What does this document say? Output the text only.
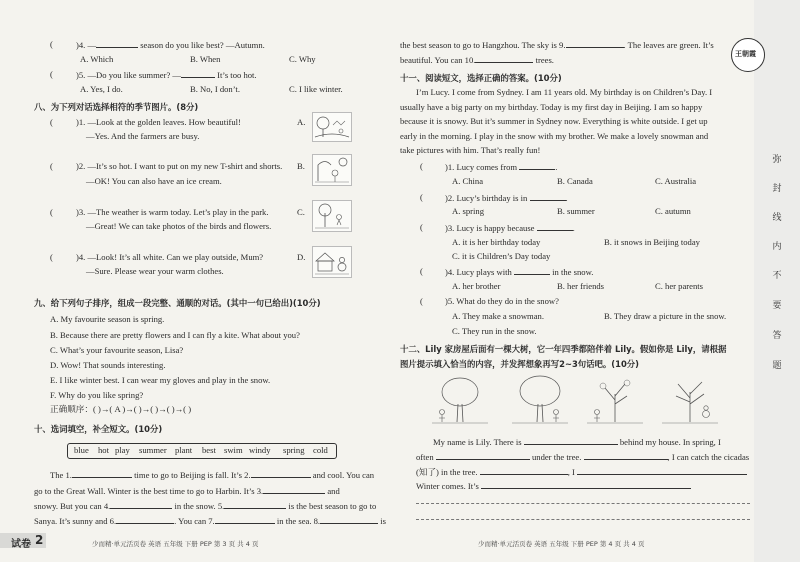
(	)4. —	season do you like best? —Autumn.
A. Which	B. When	C. Why
(	)5. —Do you like summer? —	It’s too hot.
A. Yes, I do.	B. No, I don’t.	C. I like winter.
八、为下列对话选择相符的季节图片。(8分)
(	)1. —Look at the golden leaves. How beautiful!
—Yes. And the farmers are busy.
A.
(	)2. —It’s so hot. I want to put on my new T-shirt and shorts.
—OK! You can also have an ice cream.
B.
(	)3. —The weather is warm today. Let’s play in the park.
—Great! We can take photos of the birds and flowers.
C.
(	)4. —Look! It’s all white. Can we play outside, Mum?
—Sure. Please wear your warm clothes.
D.
九、给下列句子排序，组成一段完整、通顺的对话。(其中一句已给出)(10分)
A. My favourite season is spring.
B. Because there are pretty flowers and I can fly a kite. What about you?
C. What’s your favourite season, Lisa?
D. Wow! That sounds interesting.
E. I like winter best. I can wear my gloves and play in the snow.
F. Why do you like spring?
正确顺序：( )→( A )→( )→( )→( )→( )
十、选词填空，补全短文。(10分)
blue hot play summer plant best swim windy spring cold
The 1.	time to go to Beijing is fall. It’s 2.	and cool. You can
go to the Great Wall. Winter is the best time to go to Harbin. It’s 3.	and
snowy. But you can 4.	in the snow. 5.	is the best season to go to
Sanya. It’s sunny and 6.	. You can 7.	in the sea. 8.	is
试卷 2	少而精·单元活页卷 英语 五年级 下册 PEP 第 3 页 共 4 页
the best season to go to Hangzhou. The sky is 9.	. The leaves are green. It’s
beautiful. You can 10.	trees.
十一、阅读短文，选择正确的答案。(10分)
I’m Lucy. I come from Sydney. I am 11 years old. My birthday is on Children’s Day. I
usually have a big party on my birthday. Today is my first day in Beijing. I am so happy
because it is snowy. But it’s summer in Sydney now. Everything is white outside. I get up
early in the morning. I play in the snow with my brother. We make a lovely snowman and
take pictures with him. That’s really fun!
(	)1. Lucy comes from	.
A. China	B. Canada	C. Australia
(	)2. Lucy’s birthday is in	.
A. spring	B. summer	C. autumn
(	)3. Lucy is happy because	.
A. it is her birthday today	B. it snows in Beijing today
C. it is Children’s Day today
(	)4. Lucy plays with	in the snow.
A. her brother	B. her friends	C. her parents
(	)5. What do they do in the snow?
A. They make a snowman.	B. They draw a picture in the snow.
C. They run in the snow.
十二、Lily 家房屋后面有一棵大树，它一年四季都陪伴着 Lily。假如你是 Lily，请根据
图片提示填入恰当的内容，并发挥想象再写2~3句话吧。(10分)
My name is Lily. There is	behind my house. In spring, I
often	under the tree.	, I can catch the cicadas
(知了) in the tree.	, I
Winter comes. It’s
少而精·单元活页卷 英语 五年级 下册 PEP 第 4 页 共 4 页
弥
封
线
内
不
要
答
题
王朝霞
